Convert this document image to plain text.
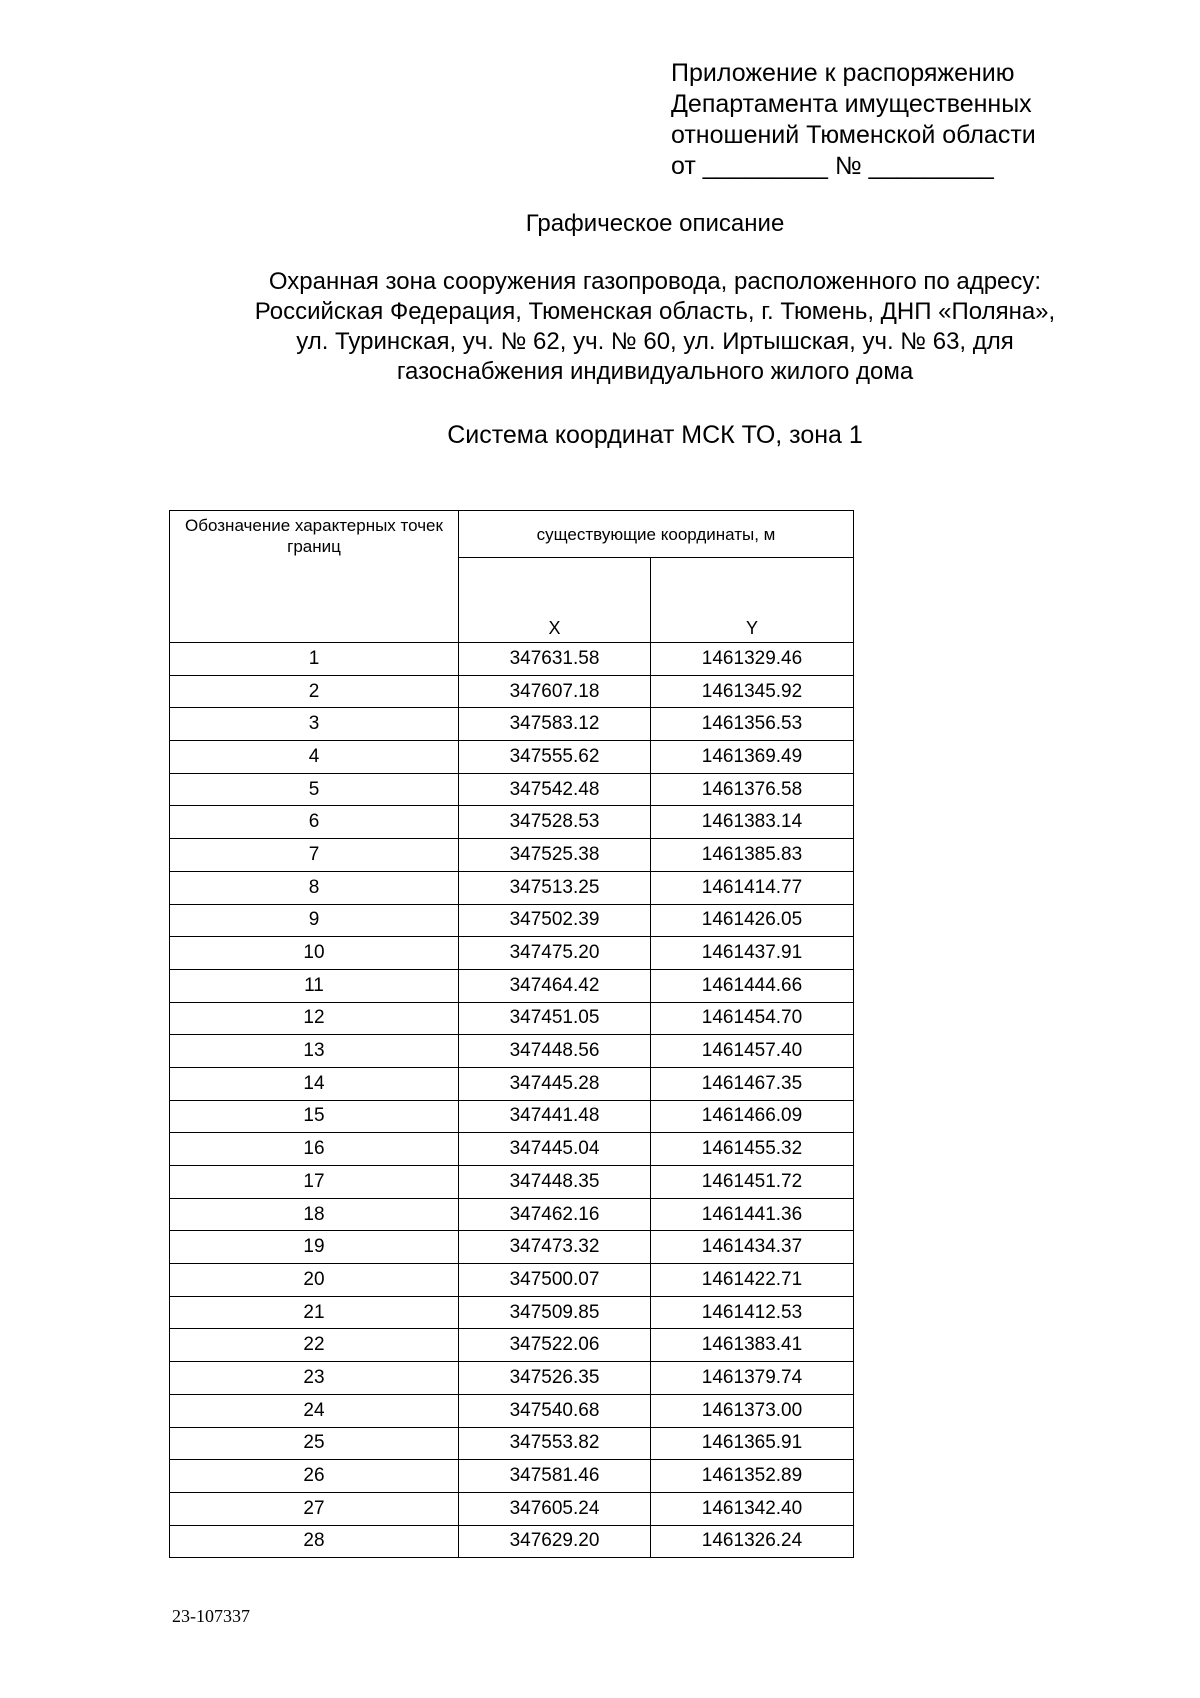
Приложение к распоряжению
Департамента имущественных
отношений Тюменской области
от _________ № _________
Графическое описание
Охранная зона сооружения газопровода, расположенного по адресу:
Российская Федерация, Тюменская область, г. Тюмень, ДНП «Поляна»,
ул. Туринская, уч. № 62, уч. № 60, ул. Иртышская, уч. № 63, для
газоснабжения индивидуального жилого дома
Система координат МСК ТО, зона 1
Обозначение характерных точек границ	существующие координаты, м	

	X	Y

1	347631.58	1461329.46
2	347607.18	1461345.92
3	347583.12	1461356.53
4	347555.62	1461369.49
5	347542.48	1461376.58
6	347528.53	1461383.14
7	347525.38	1461385.83
8	347513.25	1461414.77
9	347502.39	1461426.05
10	347475.20	1461437.91
11	347464.42	1461444.66
12	347451.05	1461454.70
13	347448.56	1461457.40
14	347445.28	1461467.35
15	347441.48	1461466.09
16	347445.04	1461455.32
17	347448.35	1461451.72
18	347462.16	1461441.36
19	347473.32	1461434.37
20	347500.07	1461422.71
21	347509.85	1461412.53
22	347522.06	1461383.41
23	347526.35	1461379.74
24	347540.68	1461373.00
25	347553.82	1461365.91
26	347581.46	1461352.89
27	347605.24	1461342.40
28	347629.20	1461326.24
23-107337
